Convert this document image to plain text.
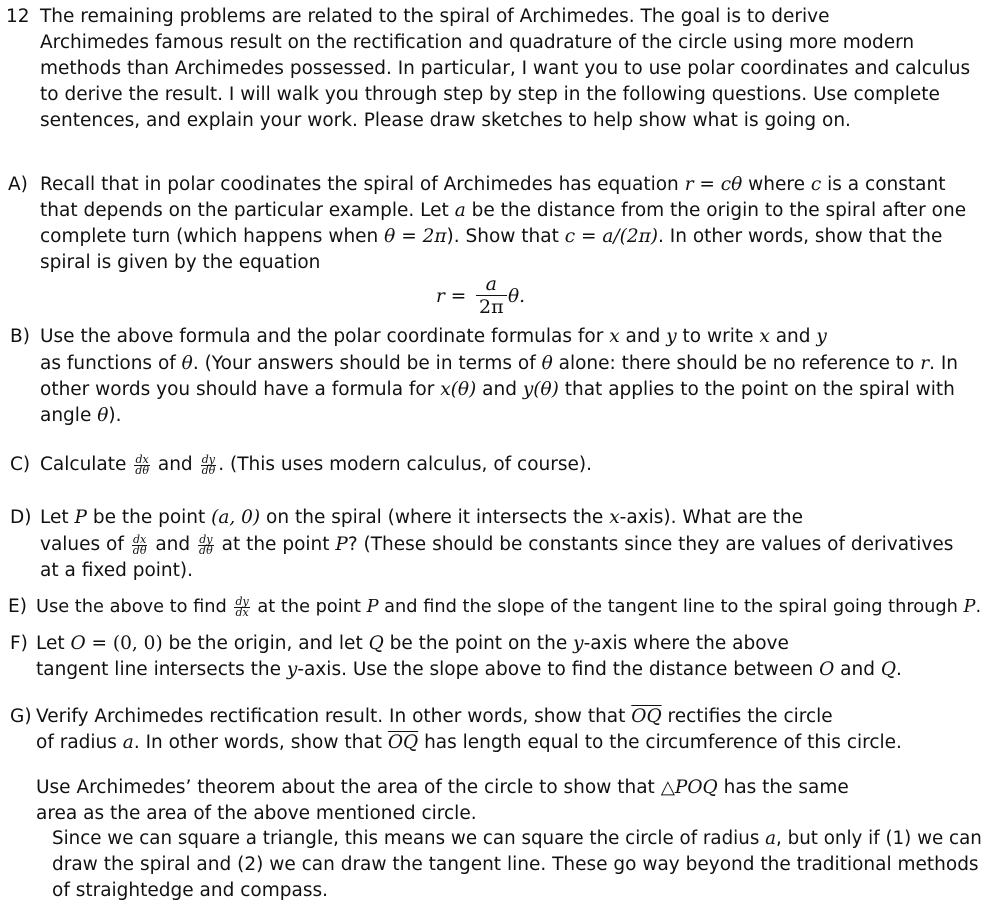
12 The remaining problems are related to the spiral of Archimedes. The goal is to derive
Archimedes famous result on the rectification and quadrature of the circle using more modern
methods than Archimedes possessed. In particular, I want you to use polar coordinates and calculus
to derive the result. I will walk you through step by step in the following questions. Use complete
sentences, and explain your work. Please draw sketches to help show what is going on.
A) Recall that in polar coodinates the spiral of Archimedes has equation r = cθ where c is a constant
that depends on the particular example. Let a be the distance from the origin to the spiral after one
complete turn (which happens when θ = 2π). Show that c = a/(2π). In other words, show that the
spiral is given by the equation
$r = \frac{a}{2\pi} \theta$.
B) Use the above formula and the polar coordinate formulas for x and y to write x and y
as functions of θ. (Your answers should be in terms of θ alone: there should be no reference to r. In
other words you should have a formula for x(θ) and y(θ) that applies to the point on the spiral with
angle θ).
C) Calculate $\frac{dx}{d\theta}$ and $\frac{dy}{d\theta}$ . (This uses modern calculus, of course).
D) Let P be the point (a, 0) on the spiral (where it intersects the x-axis). What are the
values of $\frac{dx}{d\theta}$ and $\frac{dy}{d\theta}$ at the point P? (These should be constants since they are values of derivatives
at a fixed point).
E) Use the above to find $\frac{dy}{dx}$ at the point P and find the slope of the tangent line to the spiral going through P.
F) Let O = (0, 0) be the origin, and let Q be the point on the y-axis where the above
tangent line intersects the y-axis. Use the slope above to find the distance between O and Q.
G) Verify Archimedes rectification result. In other words, show that $\overline{OQ}$ rectifies the circle
of radius a. In other words, show that $\overline{OQ}$ has length equal to the circumference of this circle.
Use Archimedes’ theorem about the area of the circle to show that △POQ has the same
area as the area of the above mentioned circle.
Since we can square a triangle, this means we can square the circle of radius a, but only if (1) we can
draw the spiral and (2) we can draw the tangent line. These go way beyond the traditional methods
of straightedge and compass.
